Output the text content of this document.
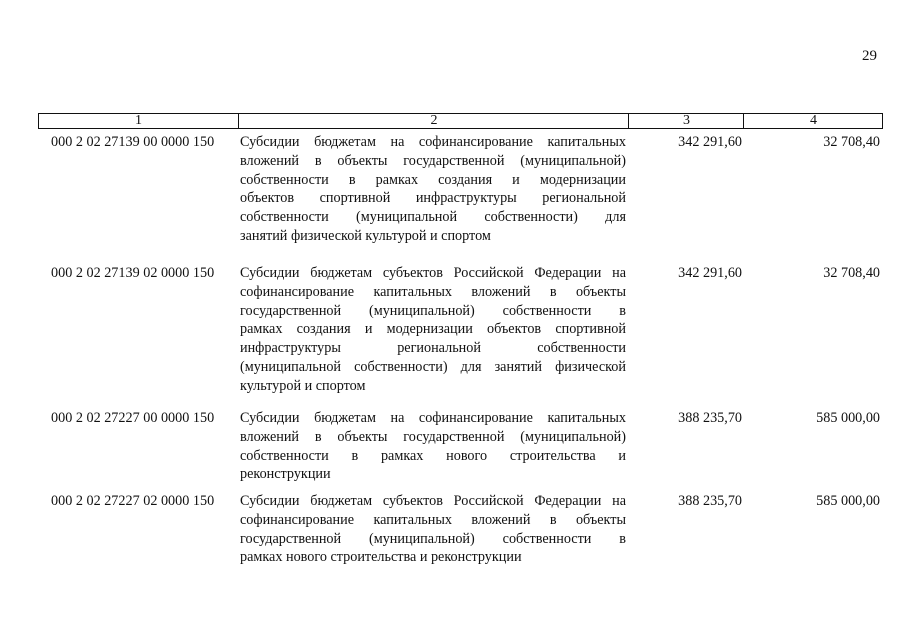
29
1	2	3	4
000 2 02 27139 00 0000 150 Субсидии бюджетам на софинансирование капитальных
вложений в объекты государственной (муниципальной)
собственности в рамках создания и модернизации
объектов спортивной инфраструктуры региональной
собственности (муниципальной собственности) для
занятий физической культурой и спортом
342 291,60	32 708,40
000 2 02 27139 02 0000 150 Субсидии бюджетам субъектов Российской Федерации на
софинансирование капитальных вложений в объекты
государственной (муниципальной) собственности в
рамках создания и модернизации объектов спортивной
инфраструктуры региональной собственности
(муниципальной собственности) для занятий физической
культурой и спортом
342 291,60	32 708,40
000 2 02 27227 00 0000 150 Субсидии бюджетам на софинансирование капитальных
вложений в объекты государственной (муниципальной)
собственности в рамках нового строительства и
реконструкции
388 235,70	585 000,00
000 2 02 27227 02 0000 150 Субсидии бюджетам субъектов Российской Федерации на
софинансирование капитальных вложений в объекты
государственной (муниципальной) собственности в
рамках нового строительства и реконструкции
388 235,70	585 000,00
